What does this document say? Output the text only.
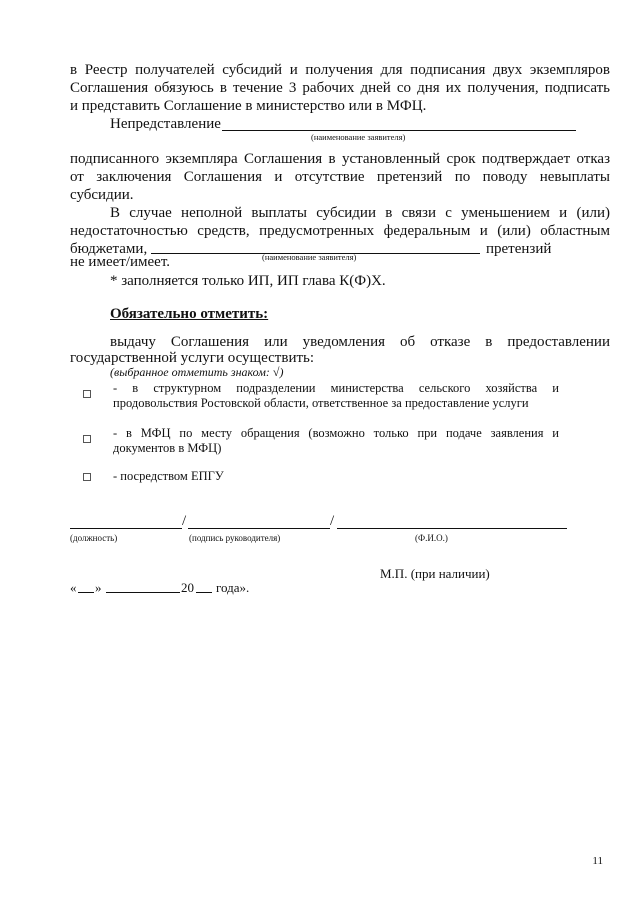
в Реестр получателей субсидий и получения для подписания двух экземпляров
Соглашения обязуюсь в течение 3 рабочих дней со дня их получения, подписать
и представить Соглашение в министерство или в МФЦ.
Непредставление
(наименование заявителя)
подписанного экземпляра Соглашения в установленный срок подтверждает отказ
от заключения Соглашения и отсутствие претензий по поводу невыплаты
субсидии.
В случае неполной выплаты субсидии в связи с уменьшением и (или)
недостаточностью средств, предусмотренных федеральным и (или) областным
бюджетами,	претензий
(наименование заявителя)
не имеет/имеет.
* заполняется только ИП, ИП глава К(Ф)Х.
Обязательно отметить:
выдачу Соглашения или уведомления об отказе в предоставлении
государственной услуги осуществить:
(выбранное отметить знаком: √)
- в структурном подразделении министерства сельского хозяйства и
продовольствия Ростовской области, ответственное за предоставление услуги
- в МФЦ по месту обращения (возможно только при подаче заявления и
документов в МФЦ)
- посредством ЕПГУ
/	/
(должность)	(подпись руководителя)	(Ф.И.О.)
М.П. (при наличии)
« »	20 года».
11
